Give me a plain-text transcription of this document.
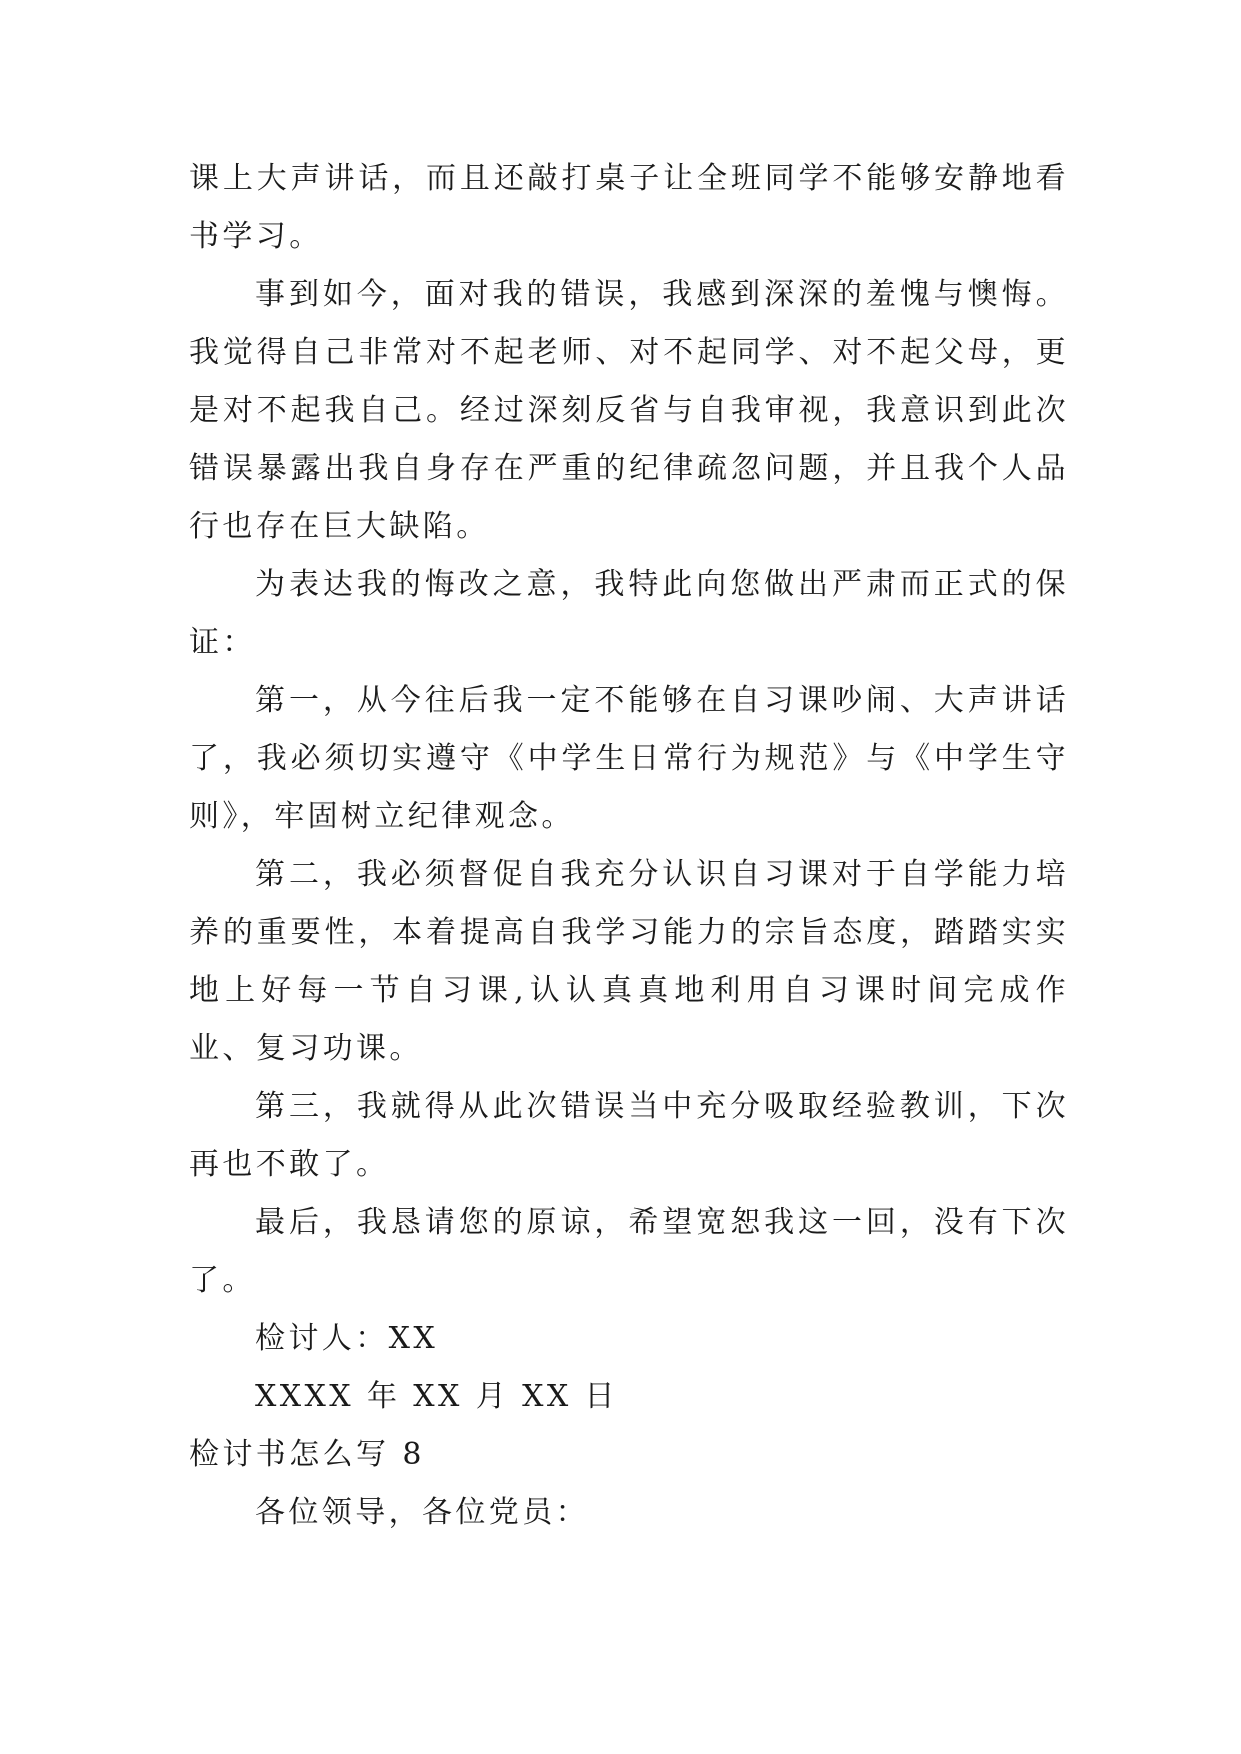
课上大声讲话，而且还敲打桌子让全班同学不能够安静地看书学习。

事到如今，面对我的错误，我感到深深的羞愧与懊悔。我觉得自己非常对不起老师、对不起同学、对不起父母，更是对不起我自己。经过深刻反省与自我审视，我意识到此次错误暴露出我自身存在严重的纪律疏忽问题，并且我个人品行也存在巨大缺陷。

为表达我的悔改之意，我特此向您做出严肃而正式的保证：

第一，从今往后我一定不能够在自习课吵闹、大声讲话了，我必须切实遵守《中学生日常行为规范》与《中学生守则》，牢固树立纪律观念。

第二，我必须督促自我充分认识自习课对于自学能力培养的重要性，本着提高自我学习能力的宗旨态度，踏踏实实地上好每一节自习课,认认真真地利用自习课时间完成作业、复习功课。

第三，我就得从此次错误当中充分吸取经验教训，下次再也不敢了。

最后，我恳请您的原谅，希望宽恕我这一回，没有下次了。

检讨人：XX

XXXX 年 XX 月 XX 日

检讨书怎么写 8

各位领导，各位党员：
